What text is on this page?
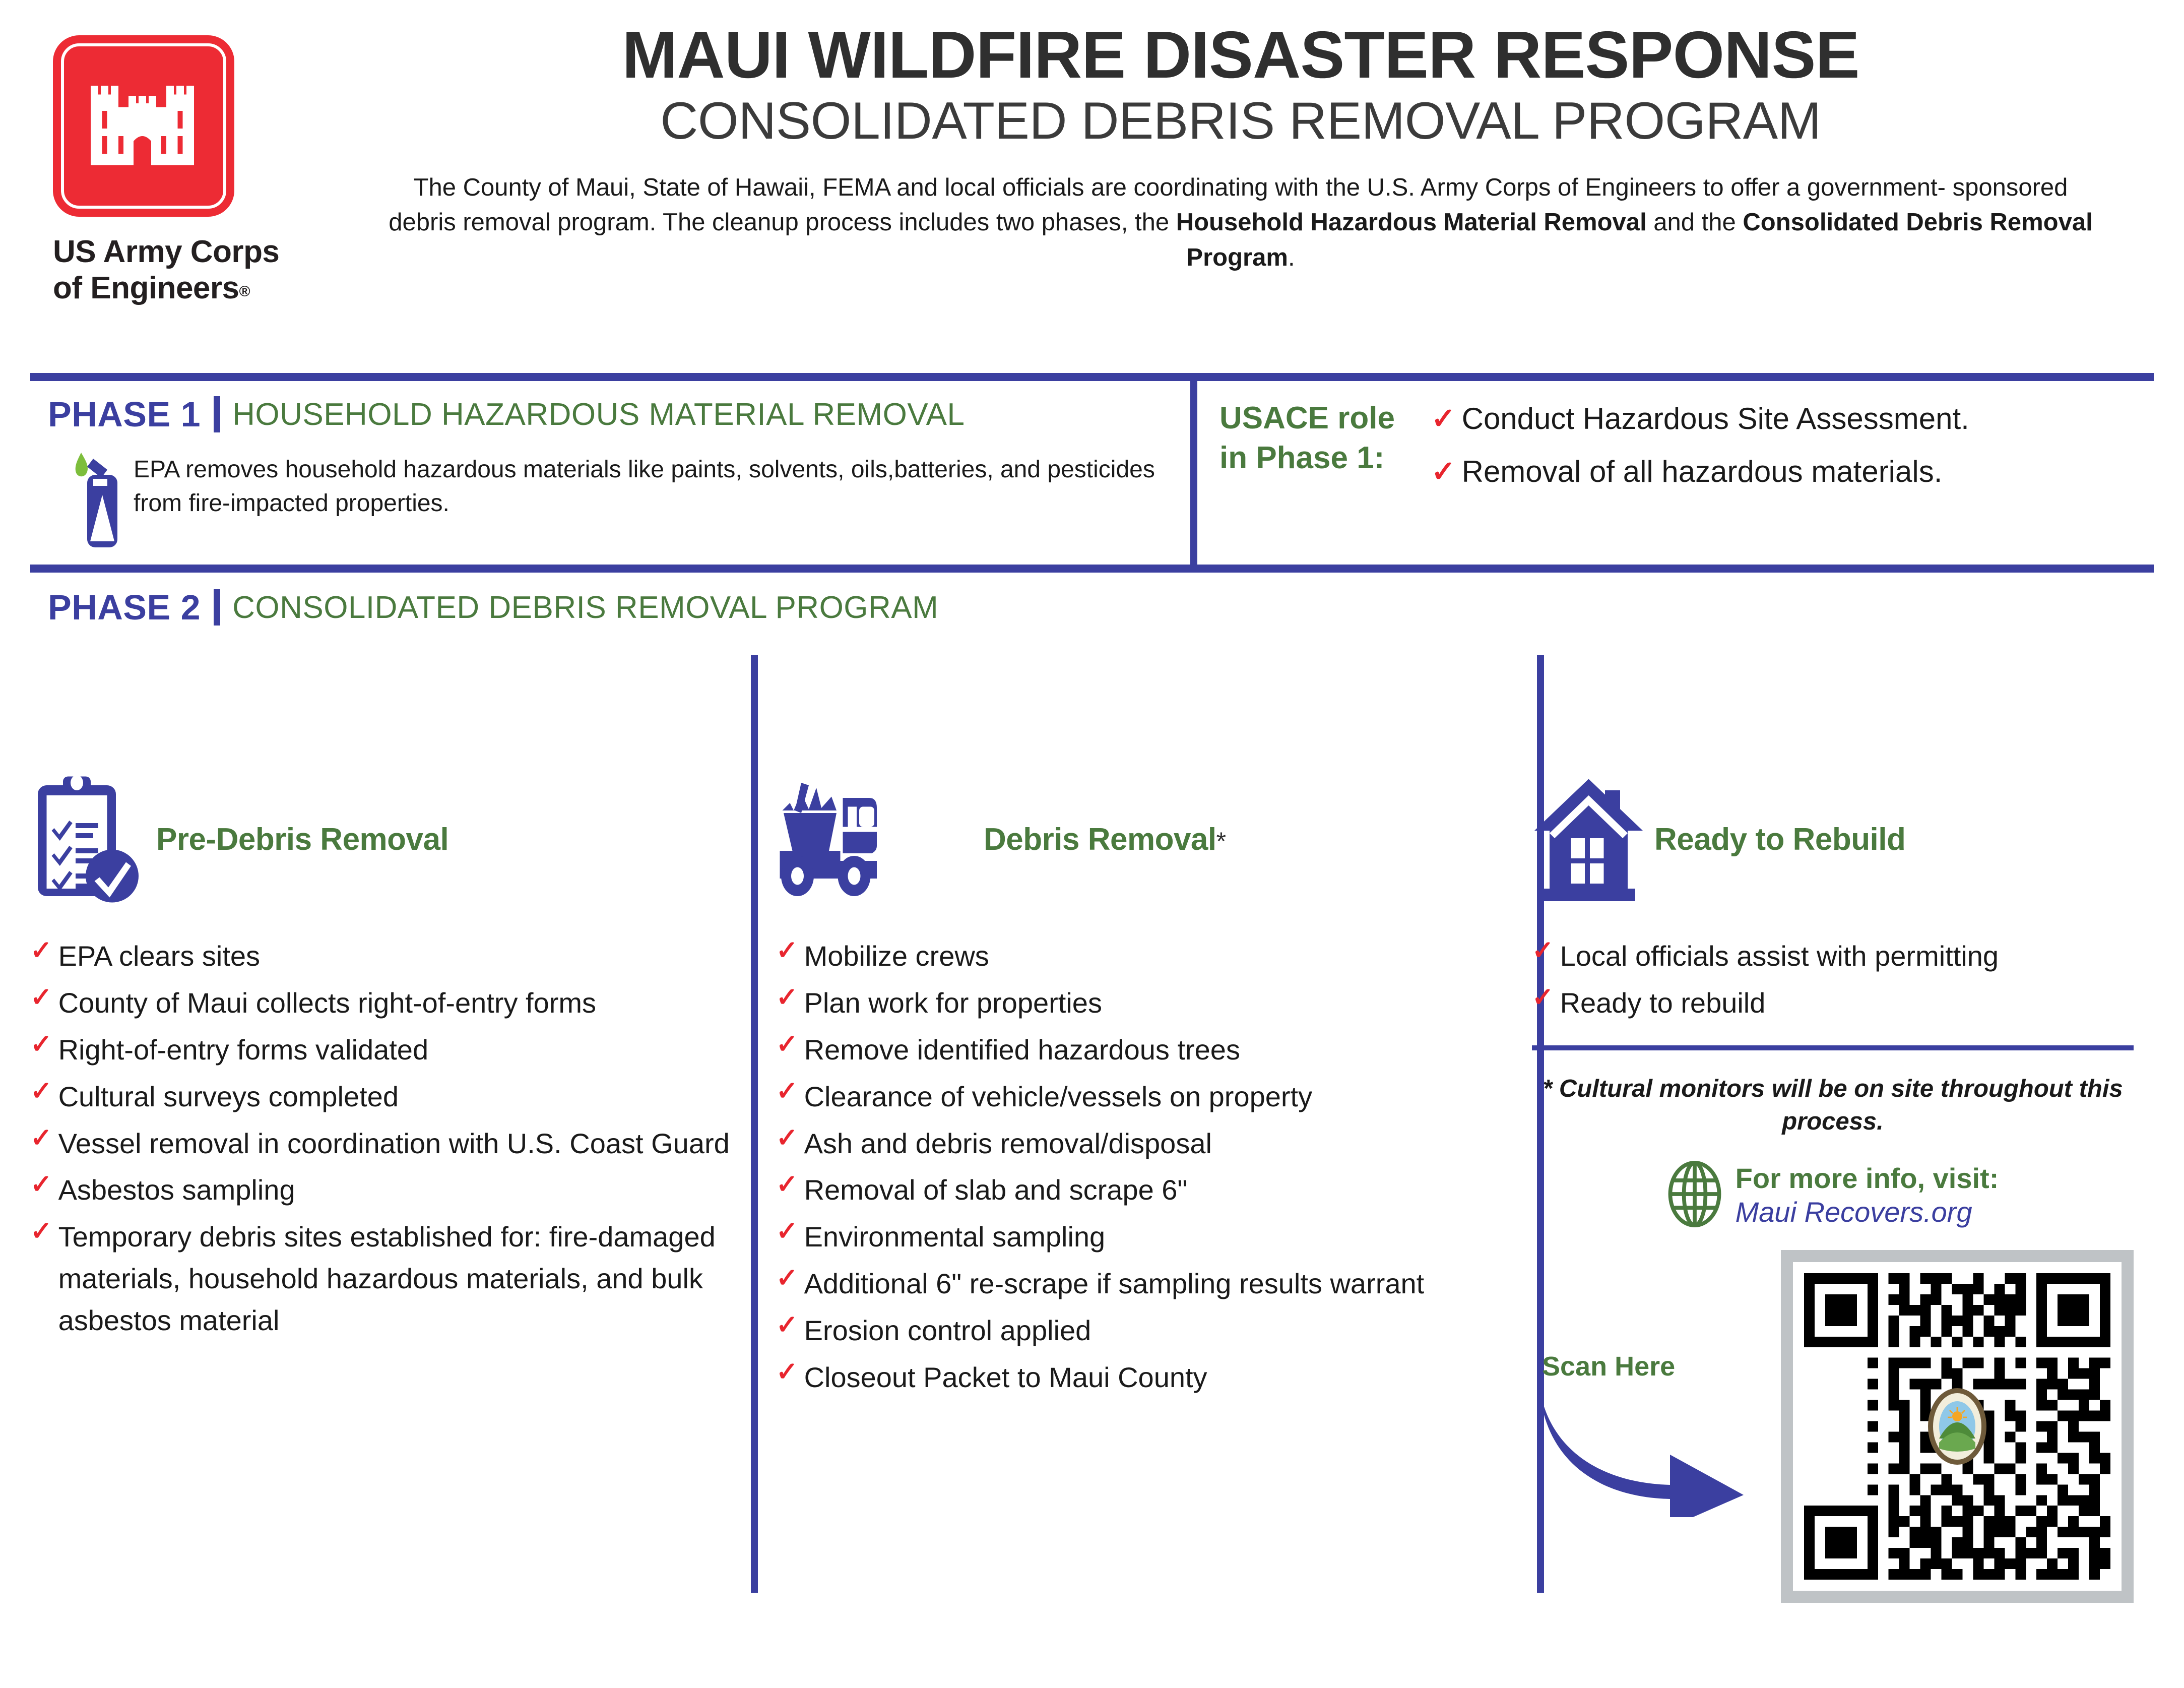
US Army Corps
of Engineers®
MAUI WILDFIRE DISASTER RESPONSE
CONSOLIDATED DEBRIS REMOVAL PROGRAM
The County of Maui, State of Hawaii, FEMA and local officials are coordinating with the U.S. Army Corps of Engineers to offer a government- sponsored debris removal program. The cleanup process includes two phases, the Household Hazardous Material Removal and the Consolidated Debris Removal Program.
PHASE 1 HOUSEHOLD HAZARDOUS MATERIAL REMOVAL
EPA removes household hazardous materials like paints, solvents, oils,batteries, and pesticides from fire-impacted properties.
USACE role in Phase 1:
✓ Conduct Hazardous Site Assessment.
✓ Removal of all hazardous materials.
PHASE 2 CONSOLIDATED DEBRIS REMOVAL PROGRAM
Pre-Debris Removal
✓ EPA clears sites
✓ County of Maui collects right-of-entry forms
✓ Right-of-entry forms validated
✓ Cultural surveys completed
✓ Vessel removal in coordination with U.S. Coast Guard
✓ Asbestos sampling
✓ Temporary debris sites established for: fire-damaged materials, household hazardous materials, and bulk asbestos material
Debris Removal*
✓ Mobilize crews
✓ Plan work for properties
✓ Remove identified hazardous trees
✓ Clearance of vehicle/vessels on property
✓ Ash and debris removal/disposal
✓ Removal of slab and scrape 6"
✓ Environmental sampling
✓ Additional 6" re-scrape if sampling results warrant
✓ Erosion control applied
✓ Closeout Packet to Maui County
Ready to Rebuild
✓ Local officials assist with permitting
✓ Ready to rebuild
* Cultural monitors will be on site throughout this process.
For more info, visit:
Maui Recovers.org
Scan Here
